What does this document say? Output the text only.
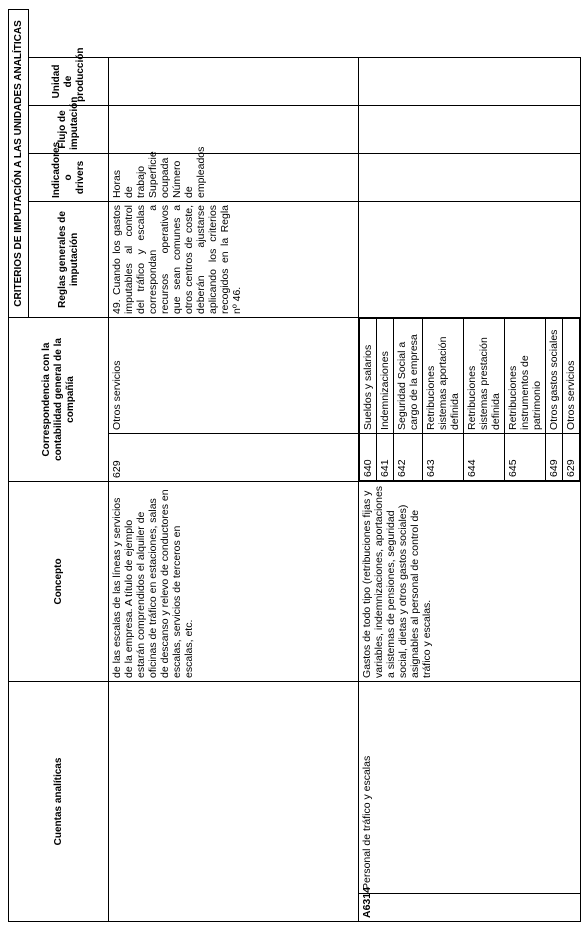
Cuentas analíticas	Concepto	Correspondencia con la contabilidad general de la compañía	CRITERIOS DE IMPUTACIÓN A LAS UNIDADES ANALÍTICAS
Reglas generales de imputación	Indicadores o drivers	Flujo de imputación	Unidad de producción
	de las escalas de las líneas y servicios de la empresa. A título de ejemplo estarán comprendidos el alquiler de oficinas de tráfico en estaciones, salas de descanso y relevo de conductores en escalas, servicios de terceros en escalas, etc.	629	Otros servicios	49. Cuando los gastos imputables al control del tráfico y escalas correspondan a recursos operativos que sean comunes a otros centros de coste, deberán ajustarse aplicando los criterios recogidos en la Regla nº 46.	Horas de trabajo Superficie ocupada Número de empleados		
A6314	Personal de tráfico y escalas	Gastos de todo tipo (retribuciones fijas y variables, indemnizaciones, aportaciones a sistemas de pensiones, seguridad social, dietas y otros gastos sociales) asignables al personal de control de tráfico y escalas.	
640	Sueldos y salarios
641	Indemnizaciones
642	Seguridad Social a cargo de la empresa
643	Retribuciones sistemas aportación definida
644	Retribuciones sistemas prestación definida
645	Retribuciones instrumentos de patrimonio
649	Otros gastos sociales
629	Otros servicios
